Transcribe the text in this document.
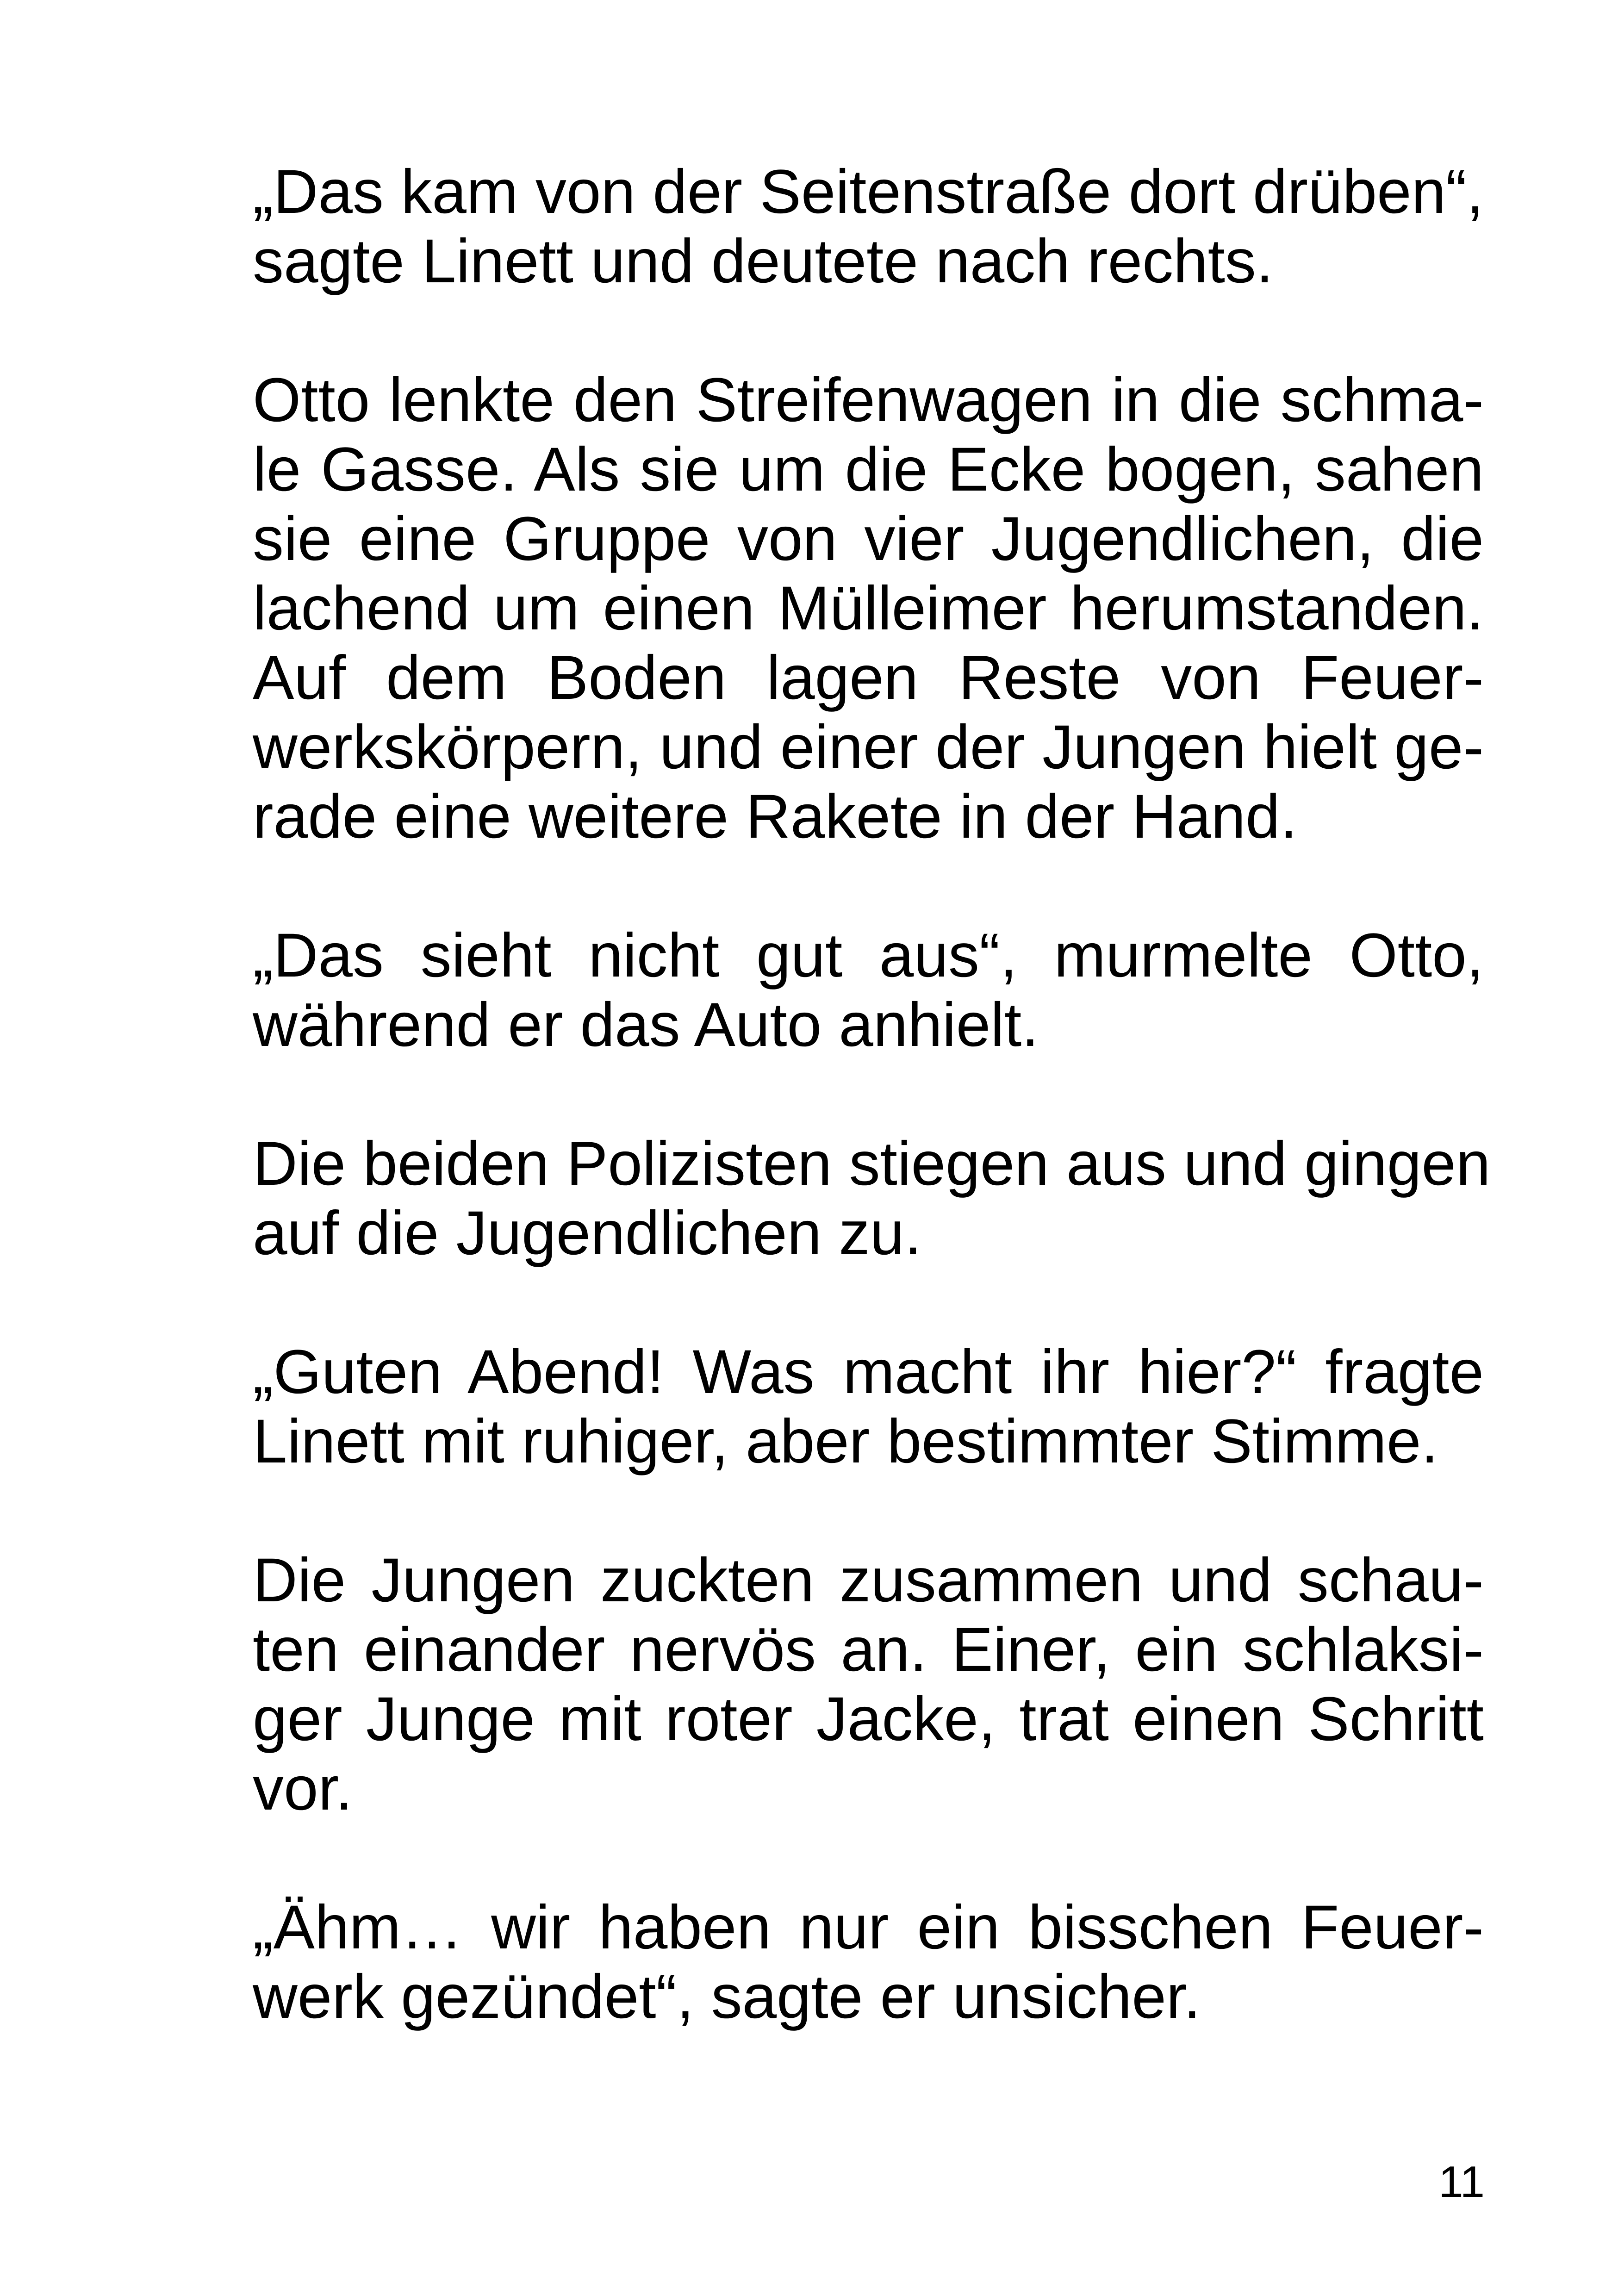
„Das kam von der Seitenstraße dort drüben“,
sagte Linett und deutete nach rechts.

Otto lenkte den Streifenwagen in die schma-
le Gasse. Als sie um die Ecke bogen, sahen
sie eine Gruppe von vier Jugendlichen, die
lachend um einen Mülleimer herumstanden.
Auf dem Boden lagen Reste von Feuer-
werkskörpern, und einer der Jungen hielt ge-
rade eine weitere Rakete in der Hand.

„Das sieht nicht gut aus“, murmelte Otto,
während er das Auto anhielt.

Die beiden Polizisten stiegen aus und gingen
auf die Jugendlichen zu.

„Guten Abend! Was macht ihr hier?“ fragte
Linett mit ruhiger, aber bestimmter Stimme.

Die Jungen zuckten zusammen und schau-
ten einander nervös an. Einer, ein schlaksi-
ger Junge mit roter Jacke, trat einen Schritt
vor.

„Ähm… wir haben nur ein bisschen Feuer-
werk gezündet“, sagte er unsicher.

11
